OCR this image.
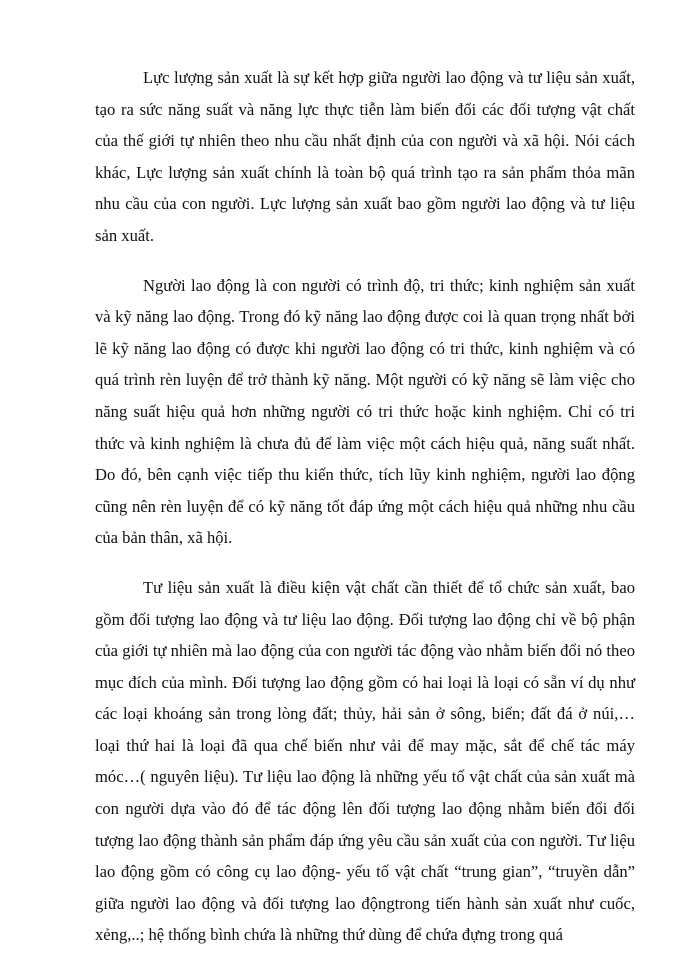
Lực lượng sản xuất là sự kết hợp giữa người lao động và tư liệu sản xuất, tạo ra sức năng suất và năng lực thực tiễn làm biến đổi các đối tượng vật chất của thế giới tự nhiên theo nhu cầu nhất định của con người và xã hội. Nói cách khác, Lực lượng sản xuất chính là toàn bộ quá trình tạo ra sản phẩm thỏa mãn nhu cầu của con người. Lực lượng sản xuất bao gồm người lao động và tư liệu sản xuất.

Người lao động là con người có trình độ, tri thức; kinh nghiệm sản xuất và kỹ năng lao động. Trong đó kỹ năng lao động được coi là quan trọng nhất bởi lẽ kỹ năng lao động có được khi người lao động có tri thức, kinh nghiệm và có quá trình rèn luyện để trở thành kỹ năng. Một người có kỹ năng sẽ làm việc cho năng suất hiệu quả hơn những người có tri thức hoặc kinh nghiệm. Chỉ có tri thức và kinh nghiệm là chưa đủ để làm việc một cách hiệu quả, năng suất nhất. Do đó, bên cạnh việc tiếp thu kiến thức, tích lũy kinh nghiệm, người lao động cũng nên rèn luyện để có kỹ năng tốt đáp ứng một cách hiệu quả những nhu cầu của bản thân, xã hội.

Tư liệu sản xuất là điều kiện vật chất cần thiết để tổ chức sản xuất, bao gồm đối tượng lao động và tư liệu lao động. Đối tượng lao động chỉ về bộ phận của giới tự nhiên mà lao động của con người tác động vào nhằm biến đổi nó theo mục đích của mình. Đối tượng lao động gồm có hai loại là loại có sẵn ví dụ như các loại khoáng sản trong lòng đất; thủy, hải sản ở sông, biển; đất đá ở núi,… loại thứ hai là loại đã qua chế biến như vải để may mặc, sắt để chế tác máy móc…( nguyên liệu). Tư liệu lao động là những yếu tố vật chất của sản xuất mà con người dựa vào đó để tác động lên đối tượng lao động nhằm biến đổi đối tượng lao động thành sản phẩm đáp ứng yêu cầu sản xuất của con người. Tư liệu lao động gồm có công cụ lao động- yếu tố vật chất “trung gian”, “truyền dẫn” giữa người lao động và đối tượng lao độngtrong tiến hành sản xuất như cuốc, xẻng,..; hệ thống bình chứa là những thứ dùng để chứa đựng trong quá
